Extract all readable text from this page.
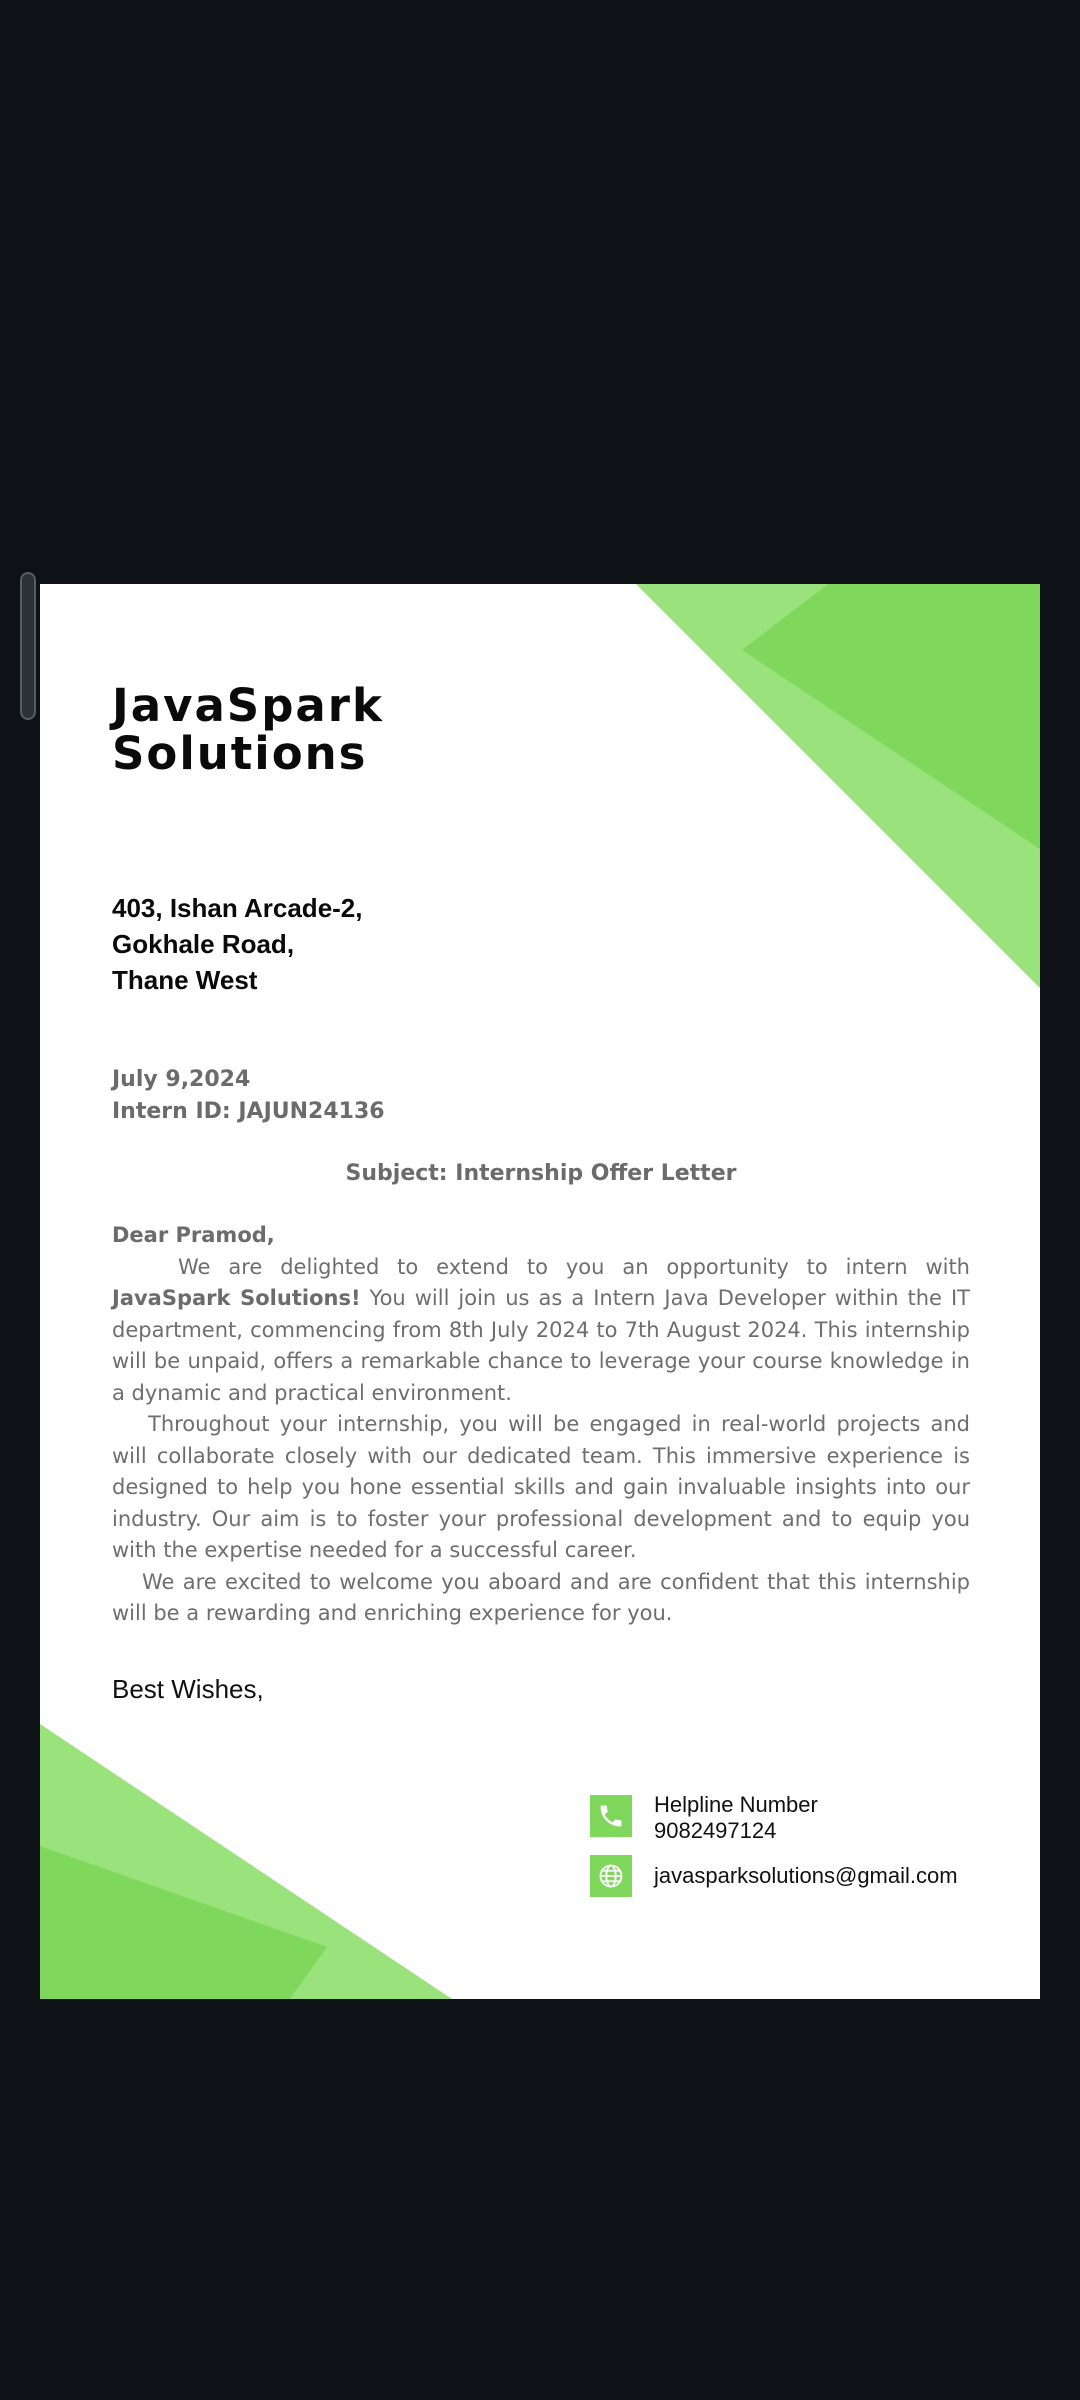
JavaSpark
Solutions
403, Ishan Arcade-2,
Gokhale Road,
Thane West
July 9,2024
Intern ID: JAJUN24136
Subject: Internship Offer Letter
Dear Pramod,

We are delighted to extend to you an opportunity to intern with JavaSpark Solutions! You will join us as a Intern Java Developer within the IT department, commencing from 8th July 2024 to 7th August 2024. This internship will be unpaid, offers a remarkable chance to leverage your course knowledge in a dynamic and practical environment.

Throughout your internship, you will be engaged in real-world projects and will collaborate closely with our dedicated team. This immersive experience is designed to help you hone essential skills and gain invaluable insights into our industry. Our aim is to foster your professional development and to equip you with the expertise needed for a successful career.

We are excited to welcome you aboard and are confident that this internship will be a rewarding and enriching experience for you.

Best Wishes,
Helpline Number
9082497124
javasparksolutions@gmail.com
